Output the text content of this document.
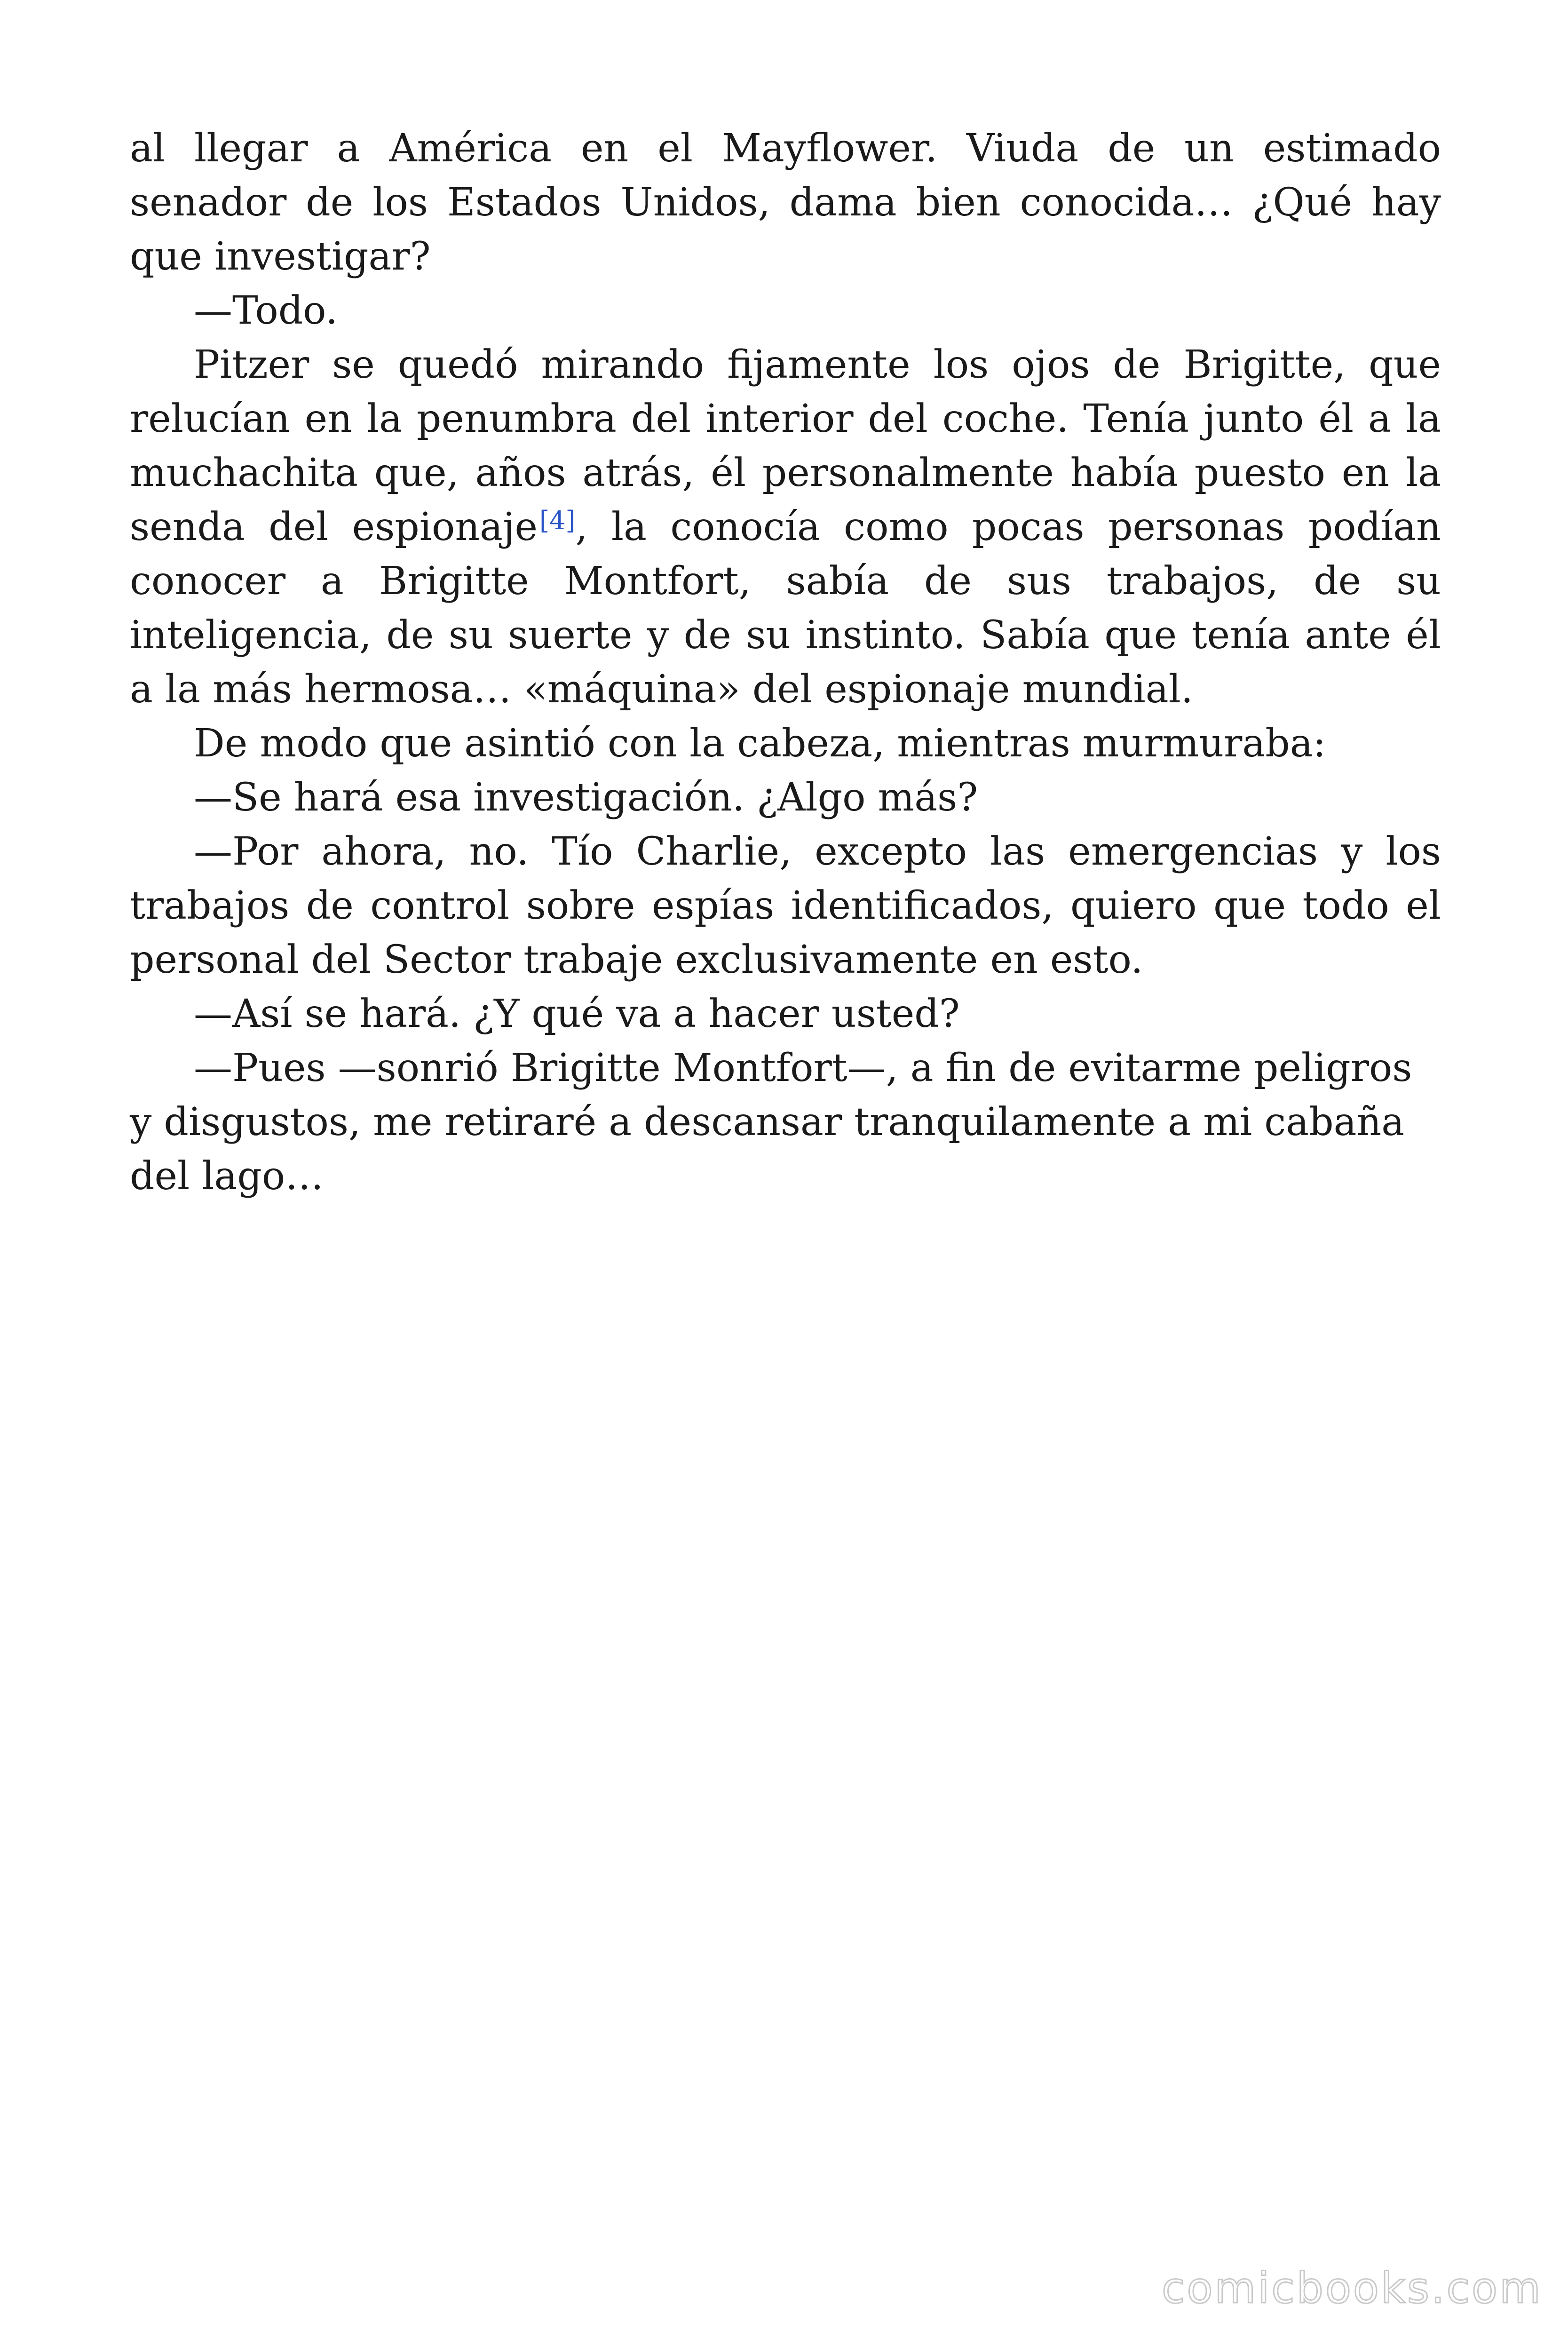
al llegar a América en el Mayflower. Viuda de un estimado senador de los Estados Unidos, dama bien conocida… ¿Qué hay que investigar?

—Todo.

Pitzer se quedó mirando fijamente los ojos de Brigitte, que relucían en la penumbra del interior del coche. Tenía junto él a la muchachita que, años atrás, él personalmente había puesto en la senda del espionaje[4], la conocía como pocas personas podían conocer a Brigitte Montfort, sabía de sus trabajos, de su inteligencia, de su suerte y de su instinto. Sabía que tenía ante él a la más hermosa… «máquina» del espionaje mundial.

De modo que asintió con la cabeza, mientras murmuraba:

—Se hará esa investigación. ¿Algo más?

—Por ahora, no. Tío Charlie, excepto las emergencias y los trabajos de control sobre espías identificados, quiero que todo el personal del Sector trabaje exclusivamente en esto.

—Así se hará. ¿Y qué va a hacer usted?

—Pues —sonrió Brigitte Montfort—, a fin de evitarme peligros y disgustos, me retiraré a descansar tranquilamente a mi cabaña del lago…

comicbooks.com
